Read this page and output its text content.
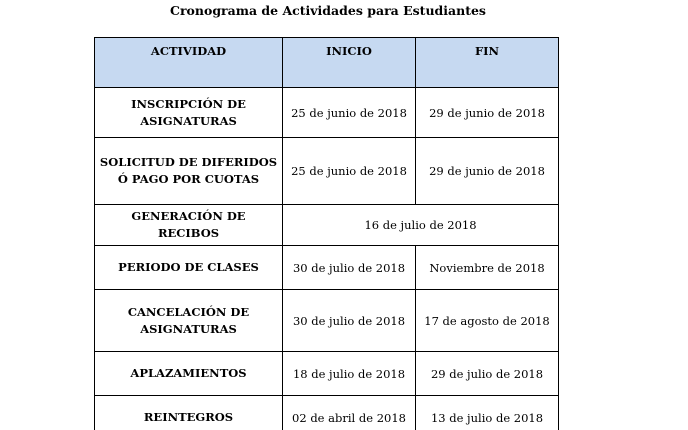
Cronograma de Actividades para Estudiantes
ACTIVIDAD	INICIO	FIN
INSCRIPCIÓN DE
ASIGNATURAS	25 de junio de 2018	29 de junio de 2018
SOLICITUD DE DIFERIDOS
Ó PAGO POR CUOTAS	25 de junio de 2018	29 de junio de 2018
GENERACIÓN DE RECIBOS	16 de julio de 2018	
PERIODO DE CLASES	30 de julio de 2018	Noviembre de 2018
CANCELACIÓN DE
ASIGNATURAS	30 de julio de 2018	17 de agosto de 2018
APLAZAMIENTOS	18 de julio de 2018	29 de julio de 2018
REINTEGROS	02 de abril de 2018	13 de julio de 2018
